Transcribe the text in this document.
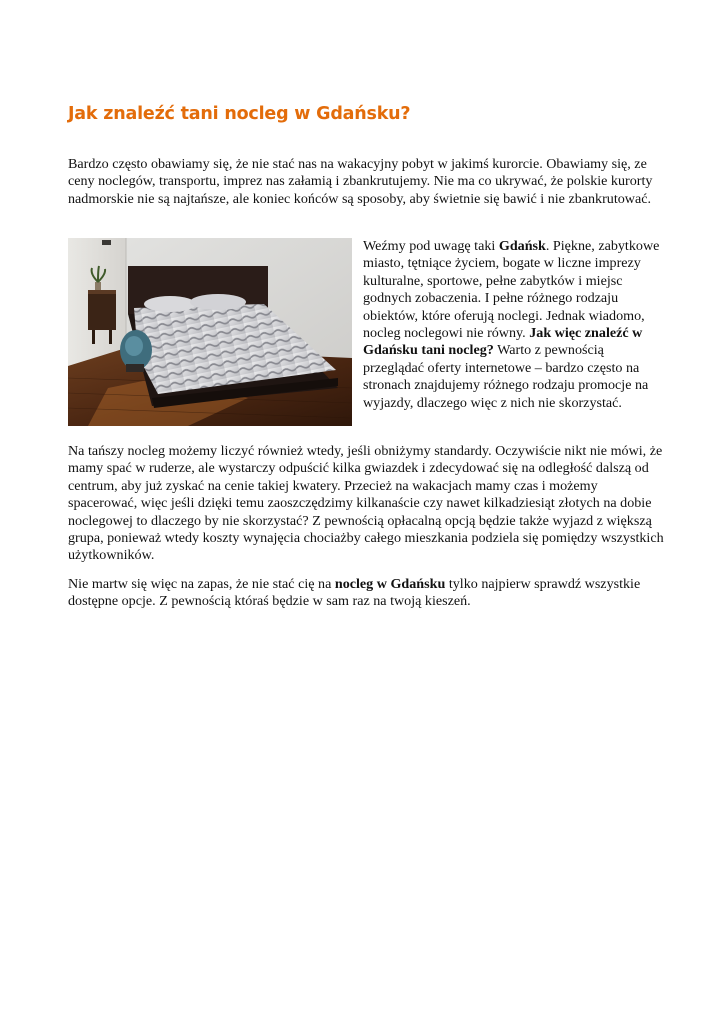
Jak znaleźć tani nocleg w Gdańsku?

Bardzo często obawiamy się, że nie stać nas na wakacyjny pobyt w jakimś kurorcie. Obawiamy się, ze ceny noclegów, transportu, imprez nas załamią i zbankrutujemy. Nie ma co ukrywać, że polskie kurorty nadmorskie nie są najtańsze, ale koniec końców są sposoby, aby świetnie się bawić i nie zbankrutować.

Weźmy pod uwagę taki Gdańsk. Piękne, zabytkowe miasto, tętniące życiem, bogate w liczne imprezy kulturalne, sportowe, pełne zabytków i miejsc godnych zobaczenia. I pełne różnego rodzaju obiektów, które oferują noclegi. Jednak wiadomo, nocleg noclegowi nie równy. Jak więc znaleźć w Gdańsku tani nocleg? Warto z pewnością przeglądać oferty internetowe – bardzo często na stronach znajdujemy różnego rodzaju promocje na wyjazdy, dlaczego więc z nich nie skorzystać.

Na tańszy nocleg możemy liczyć również wtedy, jeśli obniżymy standardy. Oczywiście nikt nie mówi, że mamy spać w ruderze, ale wystarczy odpuścić kilka gwiazdek i zdecydować się na odległość dalszą od centrum, aby już zyskać na cenie takiej kwatery. Przecież na wakacjach mamy czas i możemy spacerować, więc jeśli dzięki temu zaoszczędzimy kilkanaście czy nawet kilkadziesiąt złotych na dobie noclegowej to dlaczego by nie skorzystać? Z pewnością opłacalną opcją będzie także wyjazd z większą grupa, ponieważ wtedy koszty wynajęcia chociażby całego mieszkania podziela się pomiędzy wszystkich użytkowników.

Nie martw się więc na zapas, że nie stać cię na nocleg w Gdańsku tylko najpierw sprawdź wszystkie dostępne opcje. Z pewnością któraś będzie w sam raz na twoją kieszeń.
